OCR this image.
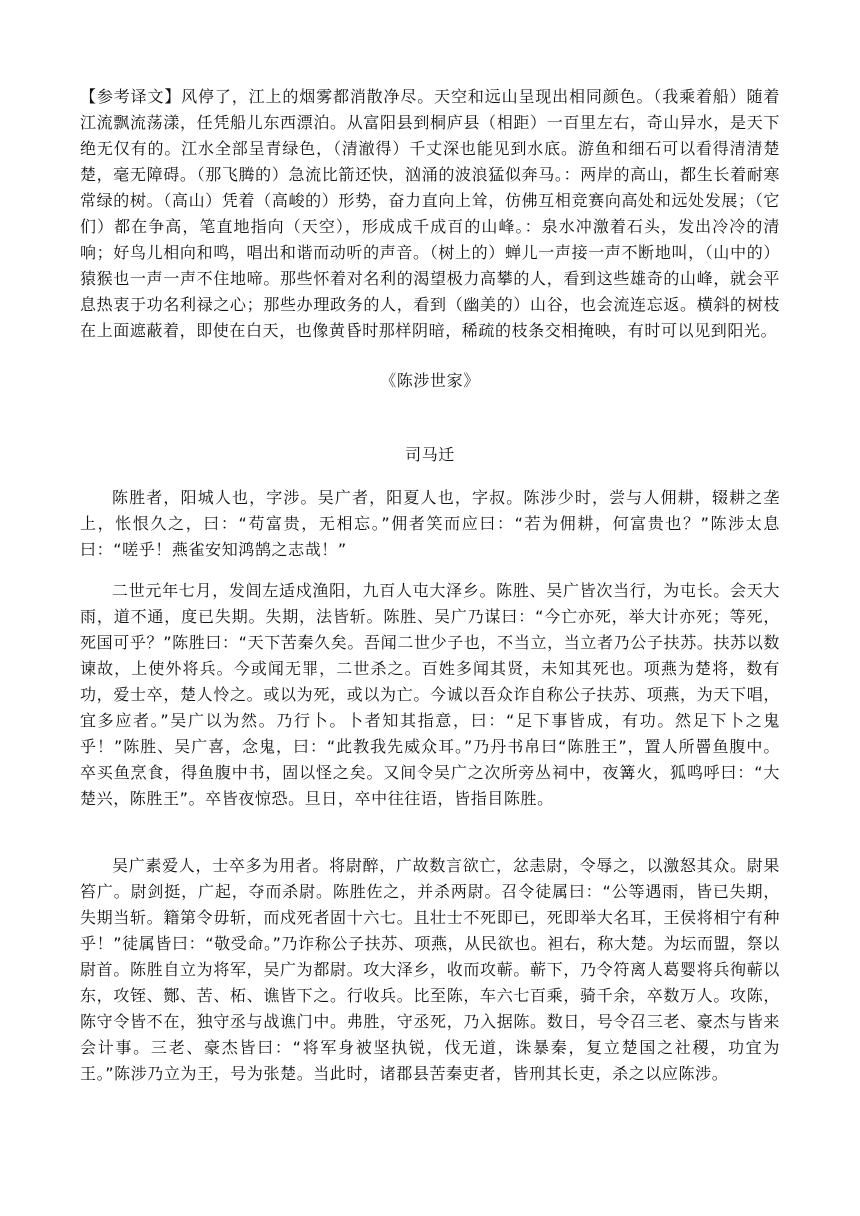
【参考译文】风停了，江上的烟雾都消散净尽。天空和远山呈现出相同颜色。（我乘着船）随着江流飘流荡漾，任凭船儿东西漂泊。从富阳县到桐庐县（相距）一百里左右，奇山异水，是天下绝无仅有的。江水全部呈青绿色，（清澈得）千丈深也能见到水底。游鱼和细石可以看得清清楚楚，毫无障碍。（那飞腾的）急流比箭还快，汹涌的波浪猛似奔马。：两岸的高山，都生长着耐寒常绿的树。（高山）凭着（高峻的）形势，奋力直向上耸，仿佛互相竞赛向高处和远处发展；（它们）都在争高，笔直地指向（天空），形成成千成百的山峰。：泉水冲激着石头，发出冷冷的清响；好鸟儿相向和鸣，唱出和谐而动听的声音。（树上的）蝉儿一声接一声不断地叫，（山中的）猿猴也一声一声不住地啼。那些怀着对名利的渴望极力高攀的人，看到这些雄奇的山峰，就会平息热衷于功名利禄之心；那些办理政务的人，看到（幽美的）山谷，也会流连忘返。横斜的树枝在上面遮蔽着，即使在白天，也像黄昏时那样阴暗，稀疏的枝条交相掩映，有时可以见到阳光。

《陈涉世家》

司马迁

陈胜者，阳城人也，字涉。吴广者，阳夏人也，字叔。陈涉少时，尝与人佣耕，辍耕之垄上，怅恨久之，曰：“苟富贵，无相忘。”佣者笑而应曰：“若为佣耕，何富贵也？”陈涉太息曰：“嗟乎！燕雀安知鸿鹄之志哉！”

二世元年七月，发闾左适戍渔阳，九百人屯大泽乡。陈胜、吴广皆次当行，为屯长。会天大雨，道不通，度已失期。失期，法皆斩。陈胜、吴广乃谋曰：“今亡亦死，举大计亦死；等死，死国可乎？”陈胜曰：“天下苦秦久矣。吾闻二世少子也，不当立，当立者乃公子扶苏。扶苏以数谏故，上使外将兵。今或闻无罪，二世杀之。百姓多闻其贤，未知其死也。项燕为楚将，数有功，爱士卒，楚人怜之。或以为死，或以为亡。今诚以吾众诈自称公子扶苏、项燕，为天下唱，宜多应者。”吴广以为然。乃行卜。卜者知其指意，曰：“足下事皆成，有功。然足下卜之鬼乎！”陈胜、吴广喜，念鬼，曰：“此教我先威众耳。”乃丹书帛曰“陈胜王”，置人所罾鱼腹中。卒买鱼烹食，得鱼腹中书，固以怪之矣。又间令吴广之次所旁丛祠中，夜篝火，狐鸣呼曰：“大楚兴，陈胜王”。卒皆夜惊恐。旦日，卒中往往语，皆指目陈胜。

吴广素爱人，士卒多为用者。将尉醉，广故数言欲亡，忿恚尉，令辱之，以激怒其众。尉果笞广。尉剑挺，广起，夺而杀尉。陈胜佐之，并杀两尉。召令徒属曰：“公等遇雨，皆已失期，失期当斩。籍第令毋斩，而戍死者固十六七。且壮士不死即已，死即举大名耳，王侯将相宁有种乎！”徒属皆曰：“敬受命。”乃诈称公子扶苏、项燕，从民欲也。袒右，称大楚。为坛而盟，祭以尉首。陈胜自立为将军，吴广为都尉。攻大泽乡，收而攻蕲。蕲下，乃令符离人葛婴将兵徇蕲以东，攻铚、酂、苦、柘、谯皆下之。行收兵。比至陈，车六七百乘，骑千余，卒数万人。攻陈，陈守令皆不在，独守丞与战谯门中。弗胜，守丞死，乃入据陈。数日，号令召三老、豪杰与皆来会计事。三老、豪杰皆曰：“将军身被坚执锐，伐无道，诛暴秦，复立楚国之社稷，功宜为王。”陈涉乃立为王，号为张楚。当此时，诸郡县苦秦吏者，皆刑其长吏，杀之以应陈涉。
